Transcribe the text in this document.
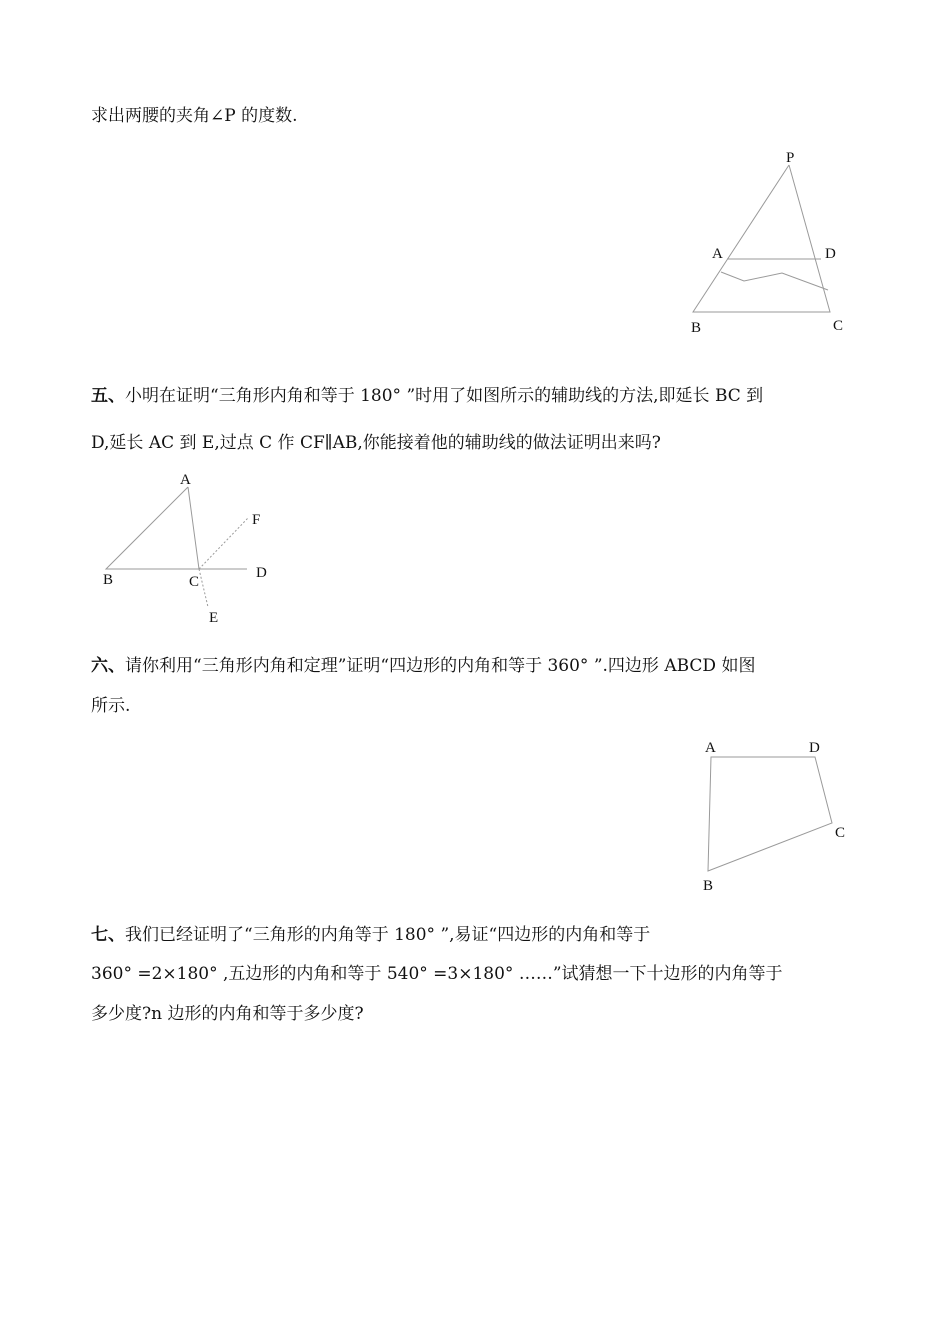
求出两腰的夹角∠P 的度数.
P
A	D
B	C
五、小明在证明“三角形内角和等于 180° ”时用了如图所示的辅助线的方法,即延长 BC 到
D,延长 AC 到 E,过点 C 作 CF∥AB,你能接着他的辅助线的做法证明出来吗?
A
F
B	C
D
E
六、请你利用“三角形内角和定理”证明“四边形的内角和等于 360° ”.四边形 ABCD 如图
所示.
A	D
C
B
七、我们已经证明了“三角形的内角等于 180° ”,易证“四边形的内角和等于
360° =2×180° ,五边形的内角和等于 540° =3×180° ……”试猜想一下十边形的内角等于
多少度?n 边形的内角和等于多少度?
